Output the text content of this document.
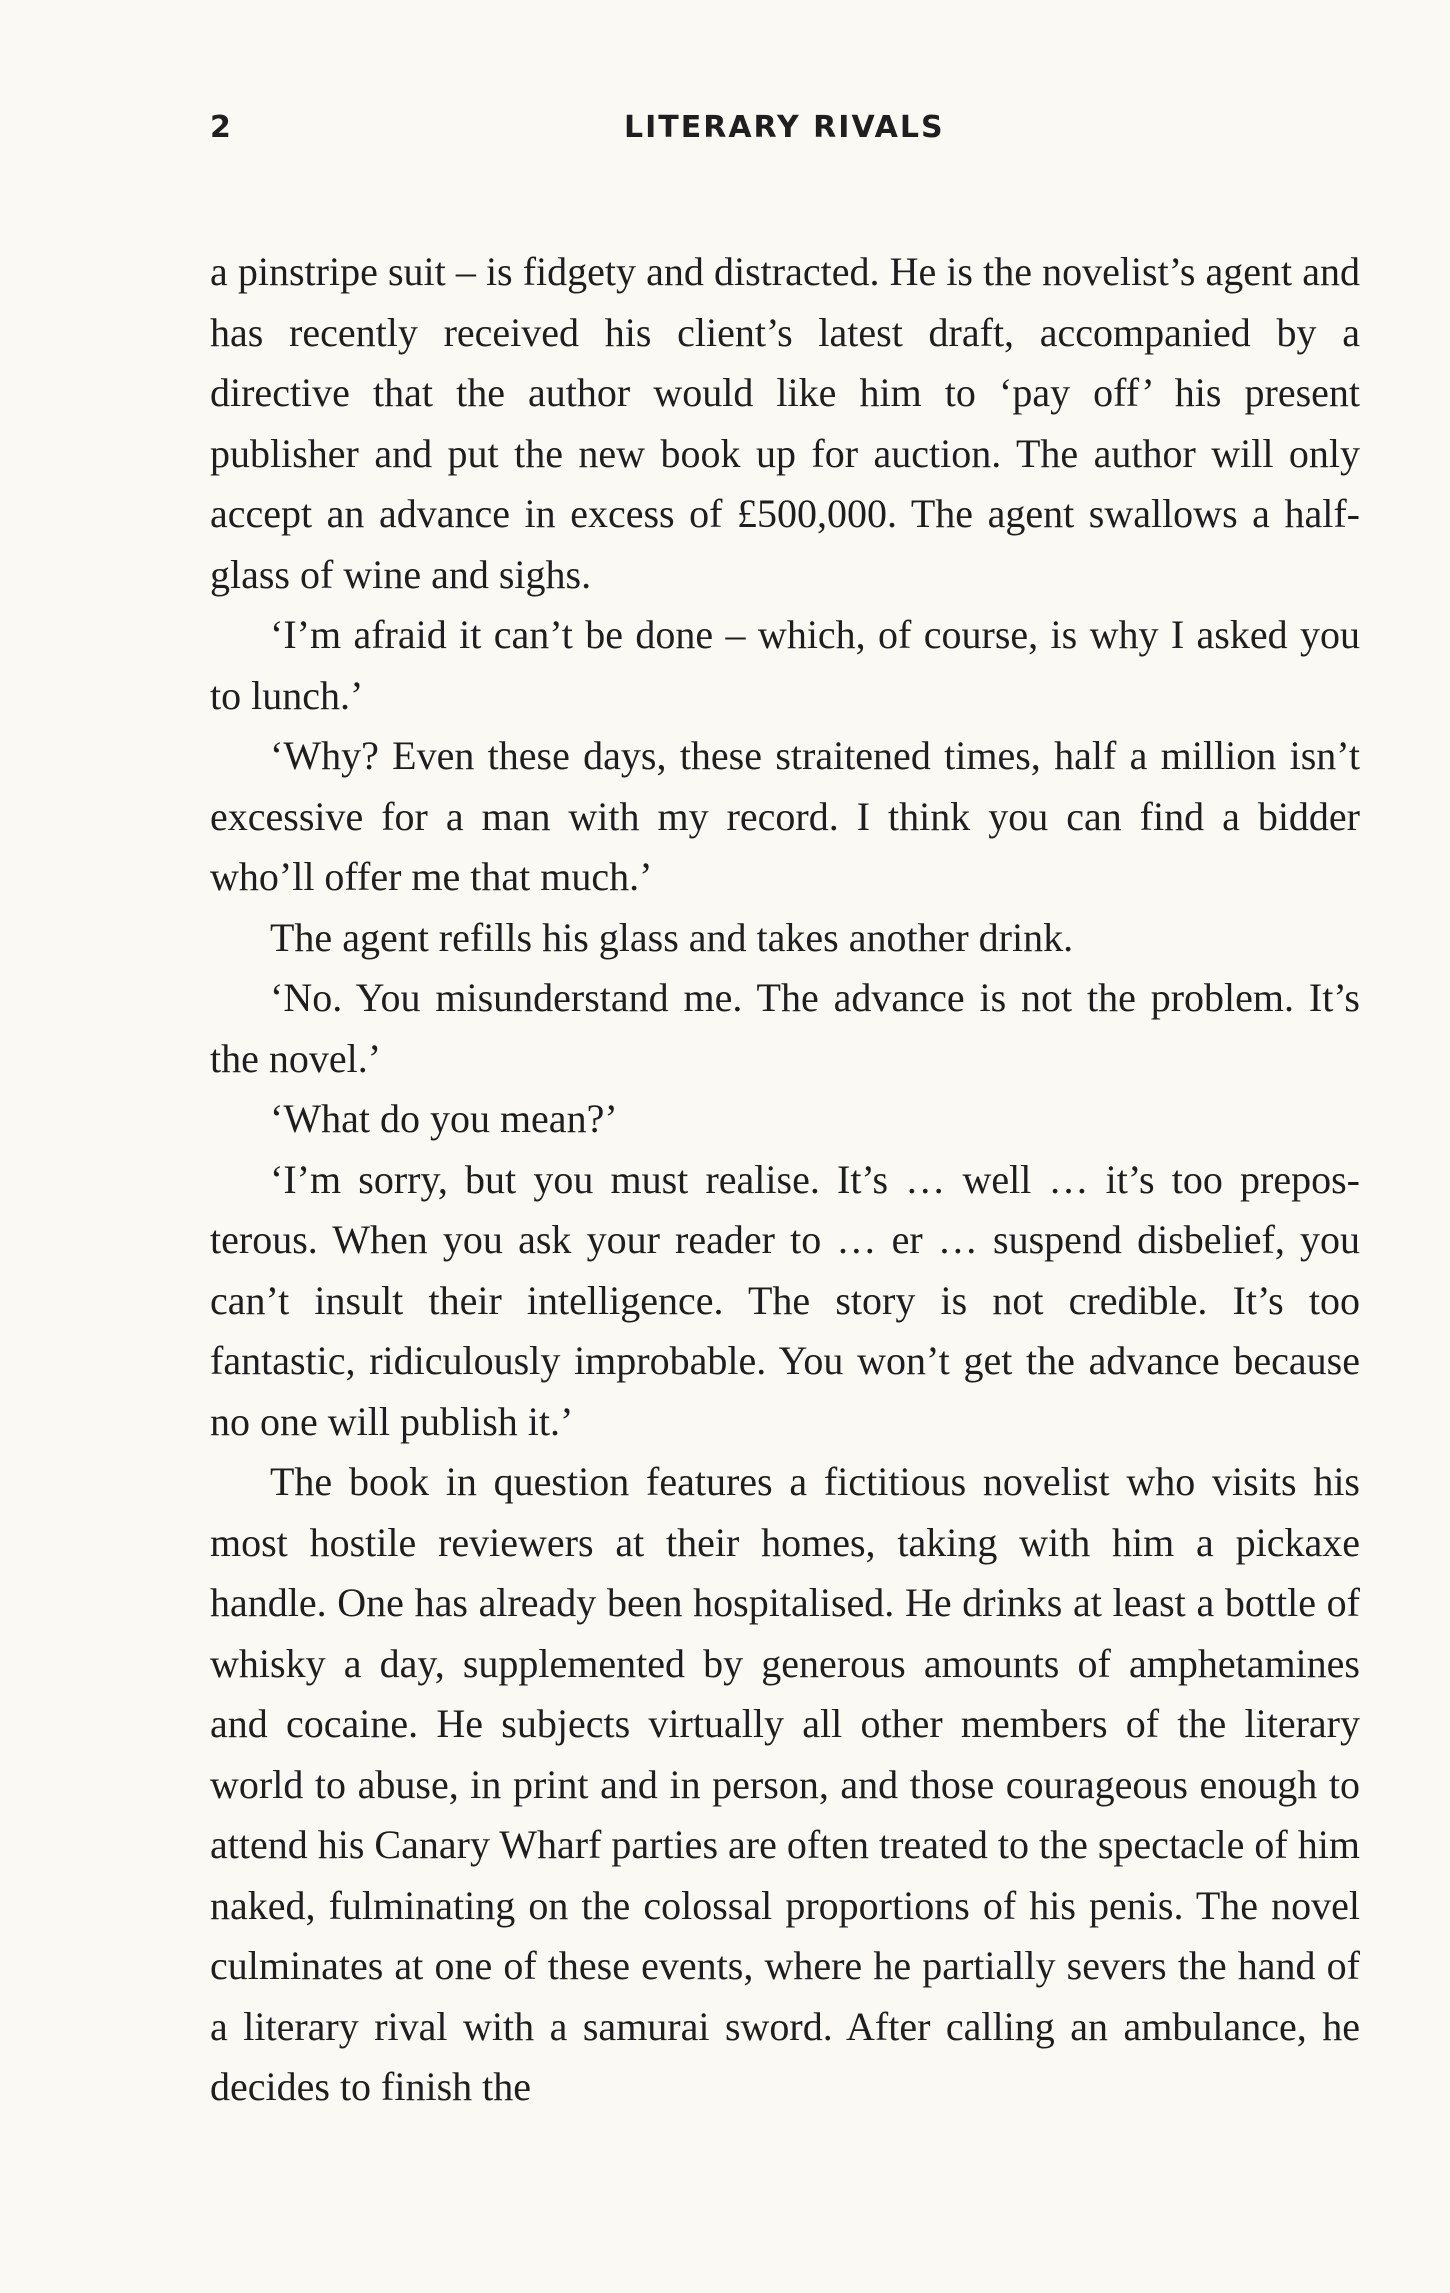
2	LITERARY RIVALS

a pinstripe suit – is fidgety and distracted. He is the novelist’s agent and has recently received his client’s latest draft, accompanied by a directive that the author would like him to ‘pay off’ his present publisher and put the new book up for auction. The author will only accept an advance in excess of £500,000. The agent swallows a half-glass of wine and sighs.

‘I’m afraid it can’t be done – which, of course, is why I asked you to lunch.’

‘Why? Even these days, these straitened times, half a million isn’t excessive for a man with my record. I think you can find a bidder who’ll offer me that much.’

The agent refills his glass and takes another drink.

‘No. You misunderstand me. The advance is not the problem. It’s the novel.’

‘What do you mean?’

‘I’m sorry, but you must realise. It’s … well … it’s too preposterous. When you ask your reader to … er … suspend disbelief, you can’t insult their intelligence. The story is not credible. It’s too fantastic, ridiculously improbable. You won’t get the advance because no one will publish it.’

The book in question features a fictitious novelist who visits his most hostile reviewers at their homes, taking with him a pickaxe handle. One has already been hospitalised. He drinks at least a bottle of whisky a day, supplemented by generous amounts of amphetamines and cocaine. He subjects virtually all other members of the literary world to abuse, in print and in person, and those courageous enough to attend his Canary Wharf parties are often treated to the spectacle of him naked, fulminating on the colossal proportions of his penis. The novel culminates at one of these events, where he partially severs the hand of a literary rival with a samurai sword. After calling an ambulance, he decides to finish the
